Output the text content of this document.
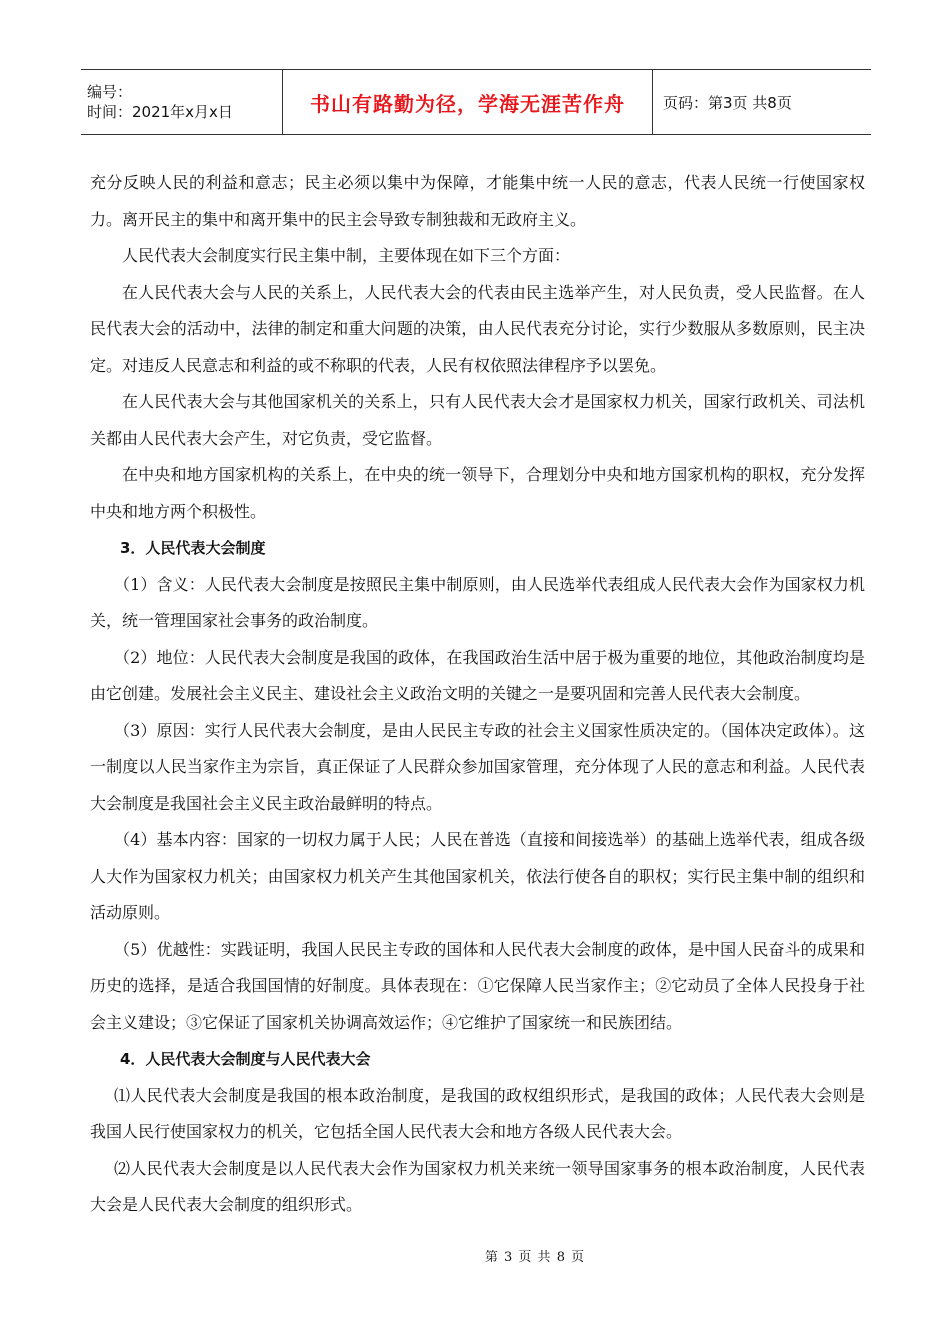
编号：
时间：2021年x月x日	书山有路勤为径，学海无涯苦作舟	页码：第3页 共8页

充分反映人民的利益和意志；民主必须以集中为保障，才能集中统一人民的意志，代表人民统一行使国家权力。离开民主的集中和离开集中的民主会导致专制独裁和无政府主义。

人民代表大会制度实行民主集中制，主要体现在如下三个方面：

在人民代表大会与人民的关系上，人民代表大会的代表由民主选举产生，对人民负责，受人民监督。在人民代表大会的活动中，法律的制定和重大问题的决策，由人民代表充分讨论，实行少数服从多数原则，民主决定。对违反人民意志和利益的或不称职的代表，人民有权依照法律程序予以罢免。

在人民代表大会与其他国家机关的关系上，只有人民代表大会才是国家权力机关，国家行政机关、司法机关都由人民代表大会产生，对它负责，受它监督。

在中央和地方国家机构的关系上，在中央的统一领导下，合理划分中央和地方国家机构的职权，充分发挥中央和地方两个积极性。

3．人民代表大会制度

（1）含义：人民代表大会制度是按照民主集中制原则，由人民选举代表组成人民代表大会作为国家权力机关，统一管理国家社会事务的政治制度。

（2）地位：人民代表大会制度是我国的政体，在我国政治生活中居于极为重要的地位，其他政治制度均是由它创建。发展社会主义民主、建设社会主义政治文明的关键之一是要巩固和完善人民代表大会制度。

（3）原因：实行人民代表大会制度，是由人民民主专政的社会主义国家性质决定的。（国体决定政体）。这一制度以人民当家作主为宗旨，真正保证了人民群众参加国家管理，充分体现了人民的意志和利益。人民代表大会制度是我国社会主义民主政治最鲜明的特点。

（4）基本内容：国家的一切权力属于人民；人民在普选（直接和间接选举）的基础上选举代表，组成各级人大作为国家权力机关；由国家权力机关产生其他国家机关，依法行使各自的职权；实行民主集中制的组织和活动原则。

（5）优越性：实践证明，我国人民民主专政的国体和人民代表大会制度的政体，是中国人民奋斗的成果和历史的选择，是适合我国国情的好制度。具体表现在：①它保障人民当家作主；②它动员了全体人民投身于社会主义建设；③它保证了国家机关协调高效运作；④它维护了国家统一和民族团结。

4．人民代表大会制度与人民代表大会

⑴人民代表大会制度是我国的根本政治制度，是我国的政权组织形式，是我国的政体；人民代表大会则是我国人民行使国家权力的机关，它包括全国人民代表大会和地方各级人民代表大会。

⑵人民代表大会制度是以人民代表大会作为国家权力机关来统一领导国家事务的根本政治制度，人民代表大会是人民代表大会制度的组织形式。

第 3 页 共 8 页
